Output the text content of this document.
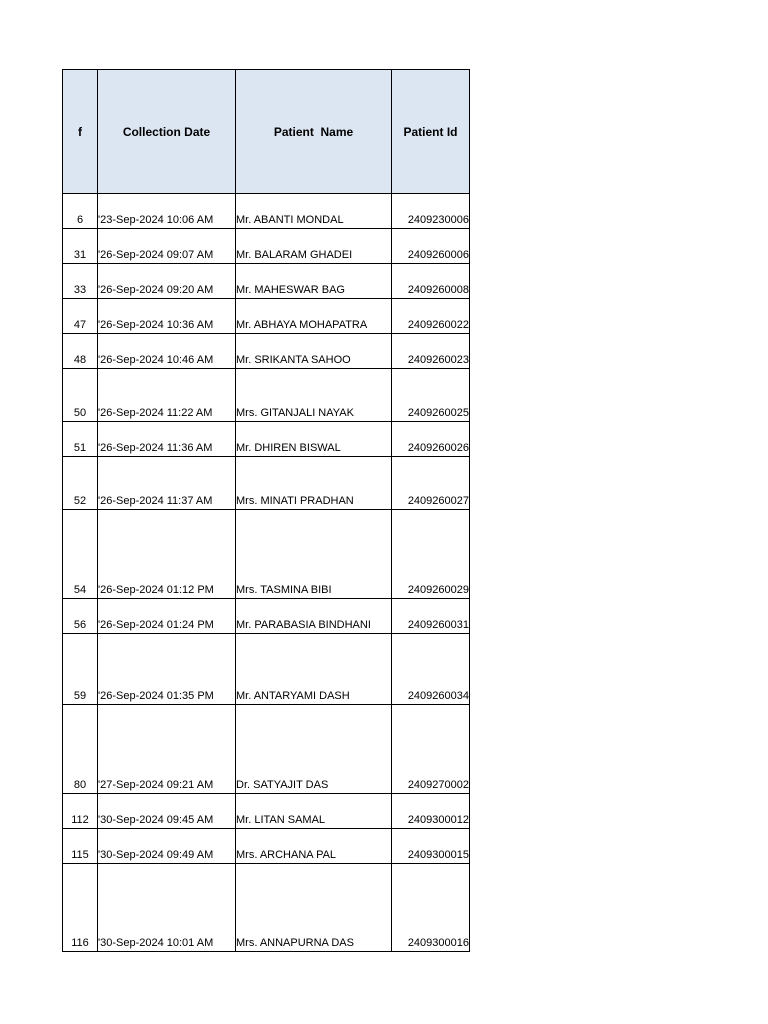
f	Collection Date	Patient  Name	Patient Id
6	'23-Sep-2024 10:06 AM	Mr. ABANTI MONDAL	2409230006
31	'26-Sep-2024 09:07 AM	Mr. BALARAM GHADEI	2409260006
33	'26-Sep-2024 09:20 AM	Mr. MAHESWAR BAG	2409260008
47	'26-Sep-2024 10:36 AM	Mr. ABHAYA MOHAPATRA	2409260022
48	'26-Sep-2024 10:46 AM	Mr. SRIKANTA SAHOO	2409260023
50	'26-Sep-2024 11:22 AM	Mrs. GITANJALI NAYAK	2409260025
51	'26-Sep-2024 11:36 AM	Mr. DHIREN BISWAL	2409260026
52	'26-Sep-2024 11:37 AM	Mrs. MINATI PRADHAN	2409260027
54	'26-Sep-2024 01:12 PM	Mrs. TASMINA BIBI	2409260029
56	'26-Sep-2024 01:24 PM	Mr. PARABASIA BINDHANI	2409260031
59	'26-Sep-2024 01:35 PM	Mr. ANTARYAMI DASH	2409260034
80	'27-Sep-2024 09:21 AM	Dr. SATYAJIT DAS	2409270002
112	'30-Sep-2024 09:45 AM	Mr. LITAN SAMAL	2409300012
115	'30-Sep-2024 09:49 AM	Mrs. ARCHANA PAL	2409300015
116	'30-Sep-2024 10:01 AM	Mrs. ANNAPURNA DAS	2409300016
